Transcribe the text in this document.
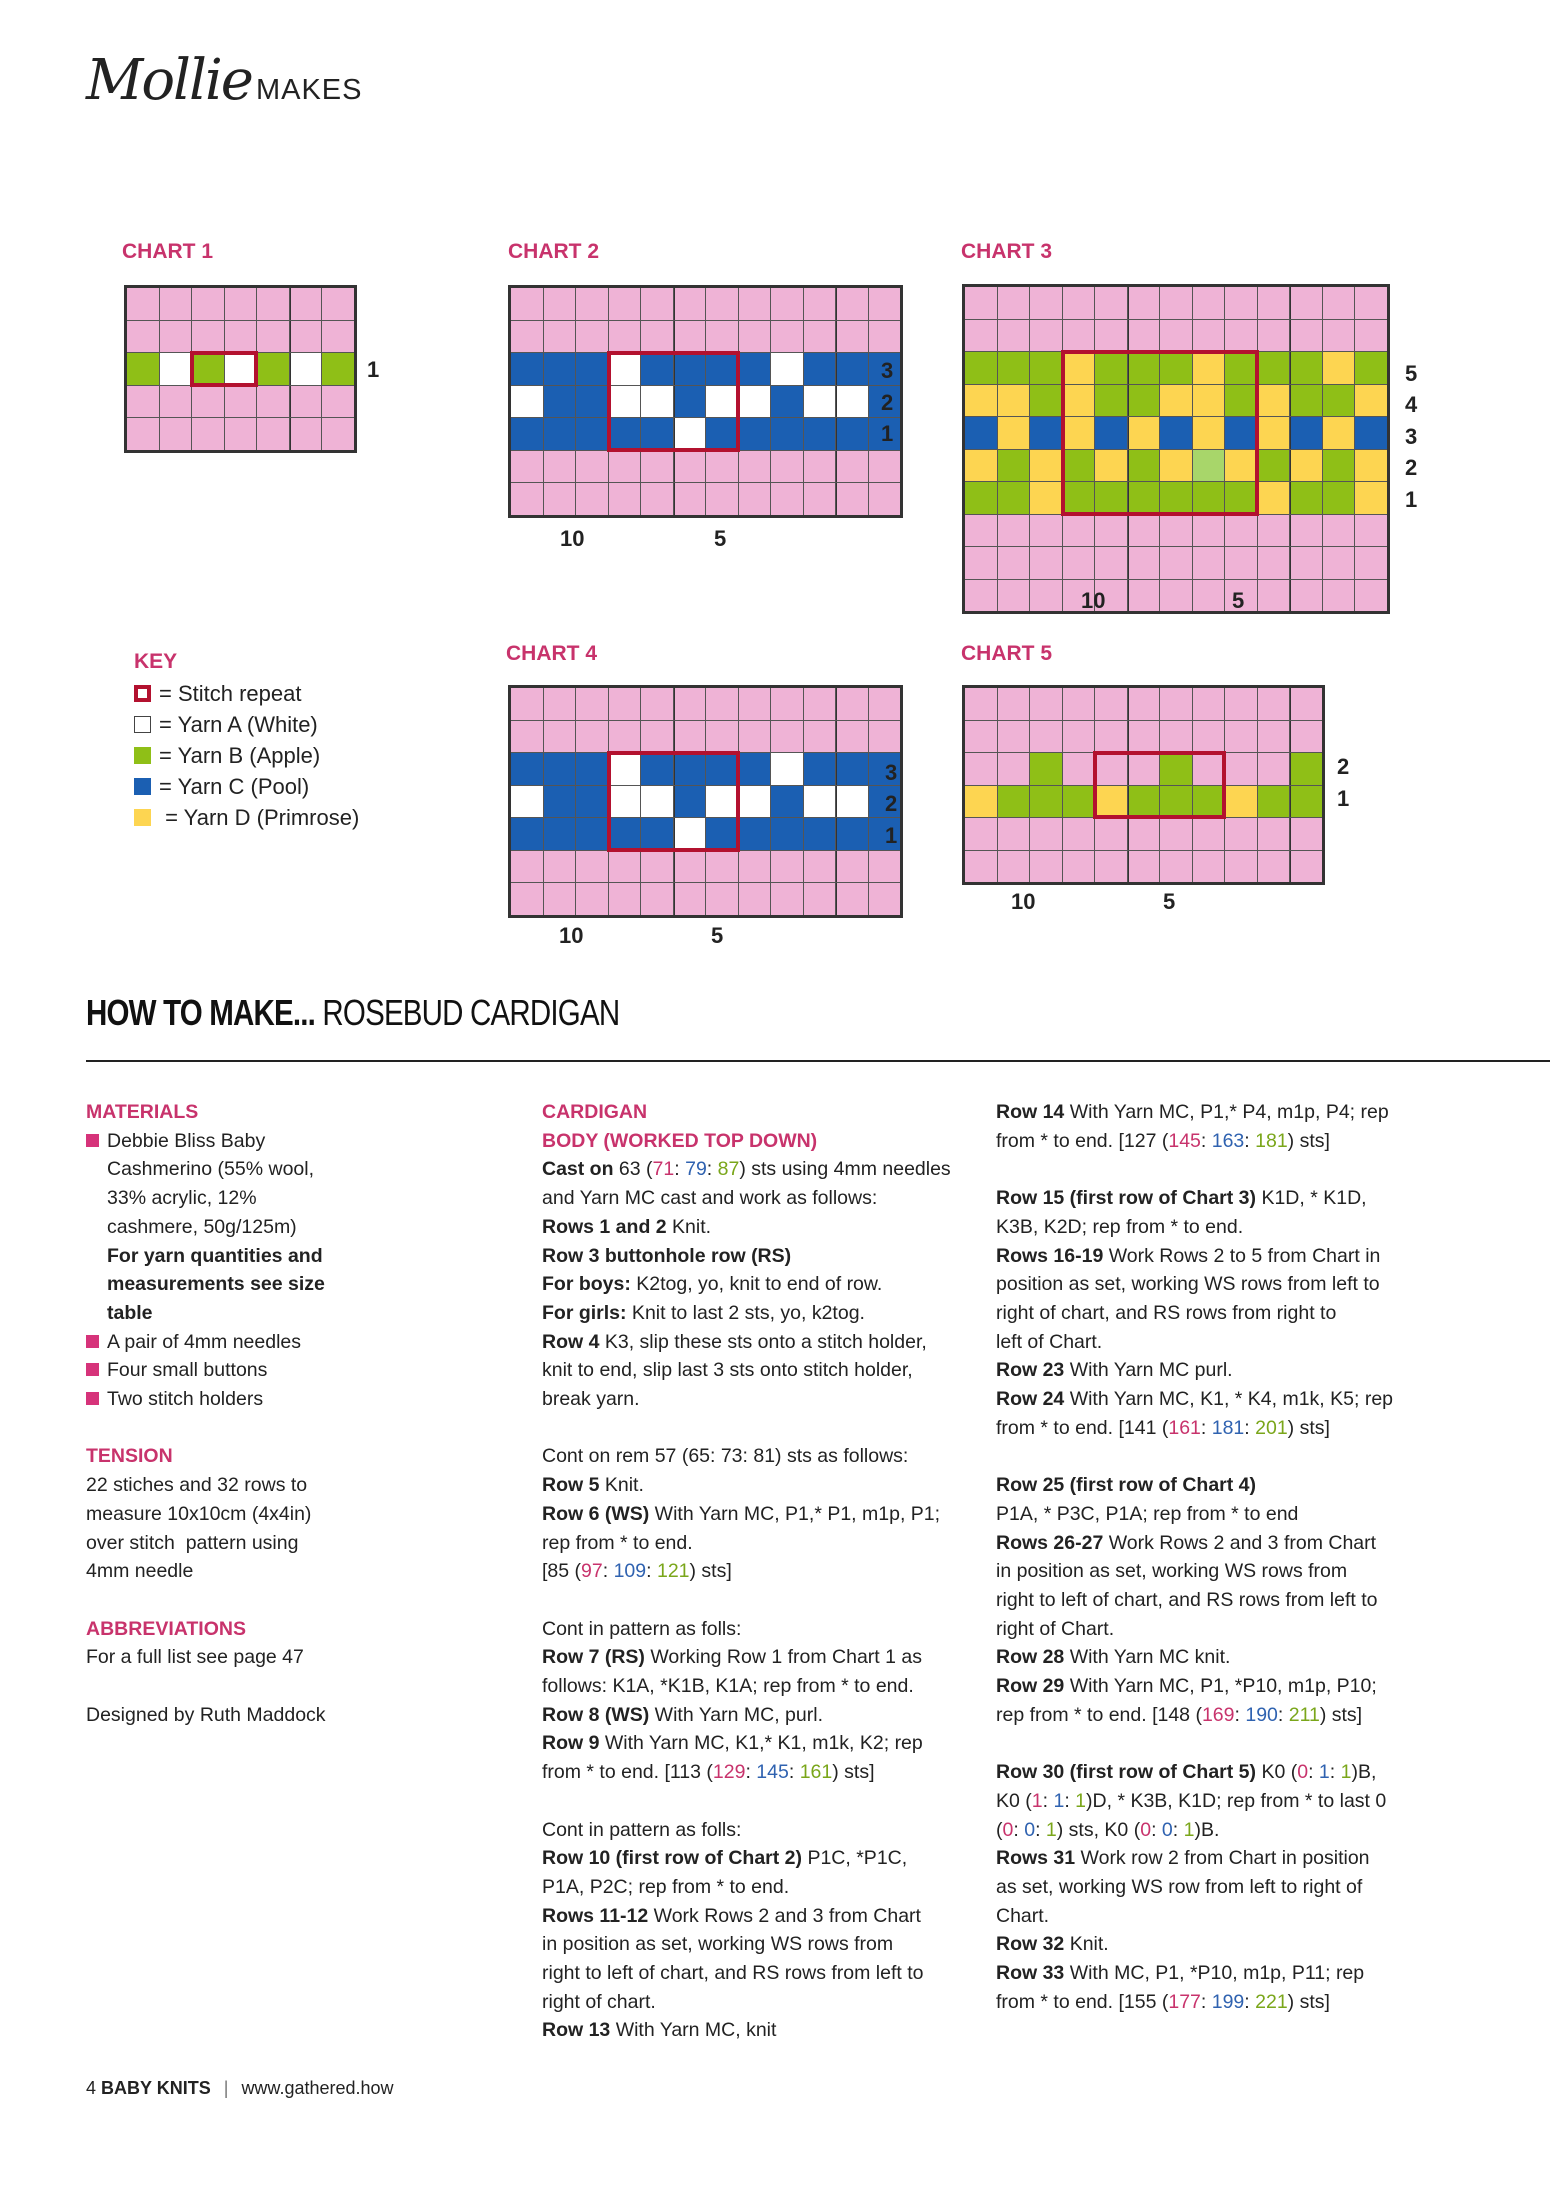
Mollie MAKES
CHART 1
1
CHART 2
3
2
1
10	5
CHART 3
5
4
3
2
1
10	5
CHART 4
3
2
1
10	5
CHART 5
2
1
10	5
KEY
= Stitch repeat
= Yarn A (White)
= Yarn B (Apple)
= Yarn C (Pool)
= Yarn D (Primrose)
HOW TO MAKE... ROSEBUD CARDIGAN

MATERIALS

Debbie Bliss Baby

Cashmerino (55% wool,

33% acrylic, 12%

cashmere, 50g/125m)

For yarn quantities and

measurements see size

table

A pair of 4mm needles

Four small buttons

Two stitch holders

TENSION

22 stiches and 32 rows to

measure 10x10cm (4x4in)

over stitch  pattern using

4mm needle

ABBREVIATIONS

For a full list see page 47

Designed by Ruth Maddock

CARDIGAN

BODY (WORKED TOP DOWN)

Cast on 63 (71: 79: 87) sts using 4mm needles

and Yarn MC cast and work as follows:

Rows 1 and 2 Knit.

Row 3 buttonhole row (RS)

For boys: K2tog, yo, knit to end of row.

For girls: Knit to last 2 sts, yo, k2tog.

Row 4 K3, slip these sts onto a stitch holder,

knit to end, slip last 3 sts onto stitch holder,

break yarn.

Cont on rem 57 (65: 73: 81) sts as follows:

Row 5 Knit.

Row 6 (WS) With Yarn MC, P1,* P1, m1p, P1;

rep from * to end.

[85 (97: 109: 121) sts]

Cont in pattern as folls:

Row 7 (RS) Working Row 1 from Chart 1 as

follows: K1A, *K1B, K1A; rep from * to end.

Row 8 (WS) With Yarn MC, purl.

Row 9 With Yarn MC, K1,* K1, m1k, K2; rep

from * to end. [113 (129: 145: 161) sts]

Cont in pattern as folls:

Row 10 (first row of Chart 2) P1C, *P1C,

P1A, P2C; rep from * to end.

Rows 11-12 Work Rows 2 and 3 from Chart

in position as set, working WS rows from

right to left of chart, and RS rows from left to

right of chart.

Row 13 With Yarn MC, knit

Row 14 With Yarn MC, P1,* P4, m1p, P4; rep

from * to end. [127 (145: 163: 181) sts]

Row 15 (first row of Chart 3) K1D, * K1D,

K3B, K2D; rep from * to end.

Rows 16-19 Work Rows 2 to 5 from Chart in

position as set, working WS rows from left to

right of chart, and RS rows from right to

left of Chart.

Row 23 With Yarn MC purl.

Row 24 With Yarn MC, K1, * K4, m1k, K5; rep

from * to end. [141 (161: 181: 201) sts]

Row 25 (first row of Chart 4)

P1A, * P3C, P1A; rep from * to end

Rows 26-27 Work Rows 2 and 3 from Chart

in position as set, working WS rows from

right to left of chart, and RS rows from left to

right of Chart.

Row 28 With Yarn MC knit.

Row 29 With Yarn MC, P1, *P10, m1p, P10;

rep from * to end. [148 (169: 190: 211) sts]

Row 30 (first row of Chart 5) K0 (0: 1: 1)B,

K0 (1: 1: 1)D, * K3B, K1D; rep from * to last 0

(0: 0: 1) sts, K0 (0: 0: 1)B.

Rows 31 Work row 2 from Chart in position

as set, working WS row from left to right of

Chart.

Row 32 Knit.

Row 33 With MC, P1, *P10, m1p, P11; rep

from * to end. [155 (177: 199: 221) sts]

4 BABY KNITS | www.gathered.how
